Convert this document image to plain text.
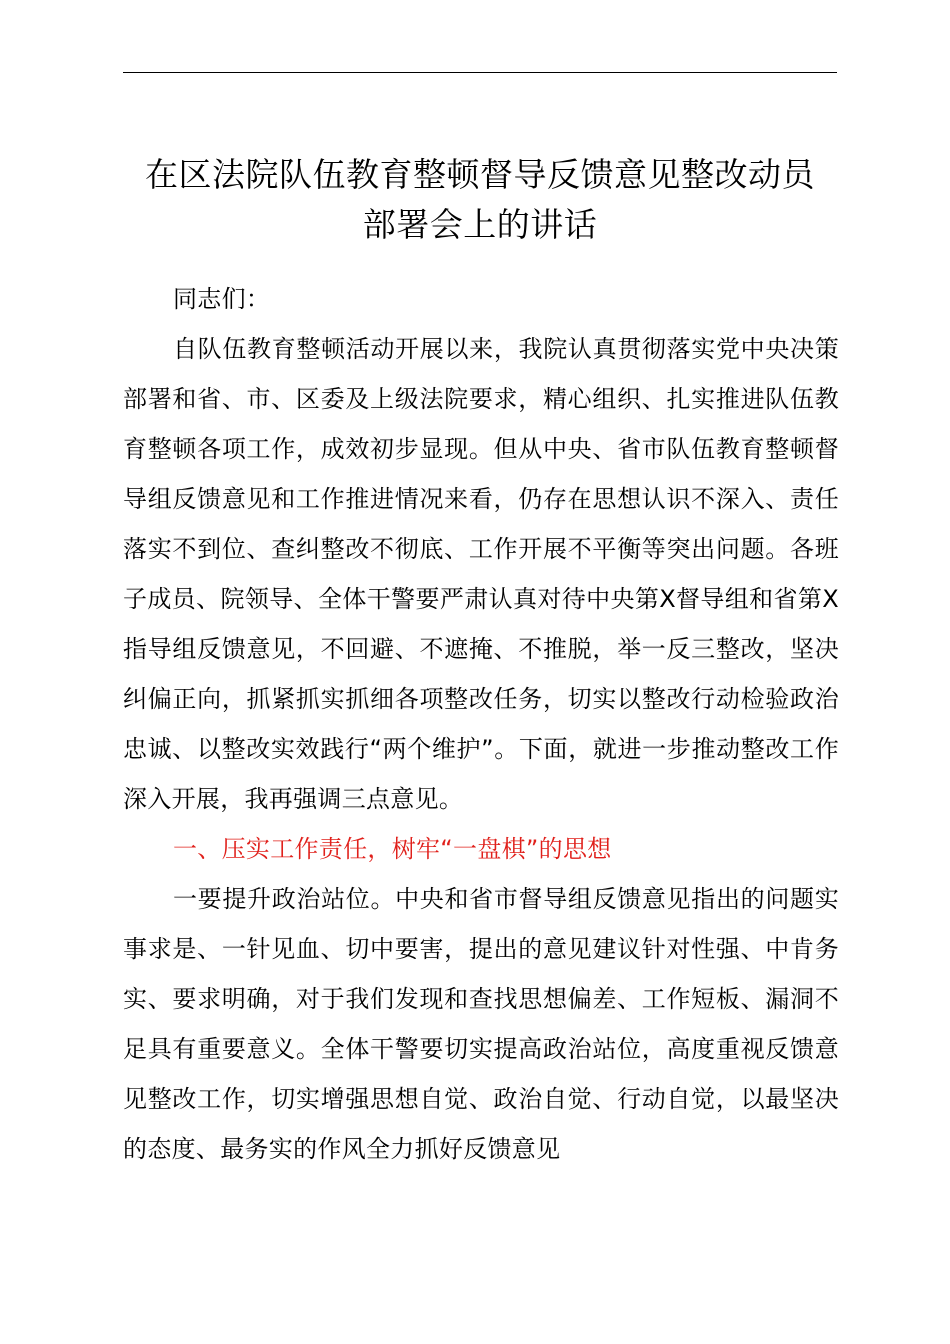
在区法院队伍教育整顿督导反馈意见整改动员
部署会上的讲话

同志们：

自队伍教育整顿活动开展以来，我院认真贯彻落实党中央决策部署和省、市、区委及上级法院要求，精心组织、扎实推进队伍教育整顿各项工作，成效初步显现。但从中央、省市队伍教育整顿督导组反馈意见和工作推进情况来看，仍存在思想认识不深入、责任落实不到位、查纠整改不彻底、工作开展不平衡等突出问题。各班子成员、院领导、全体干警要严肃认真对待中央第X督导组和省第X指导组反馈意见，不回避、不遮掩、不推脱，举一反三整改，坚决纠偏正向，抓紧抓实抓细各项整改任务，切实以整改行动检验政治忠诚、以整改实效践行“两个维护”。下面，就进一步推动整改工作深入开展，我再强调三点意见。

一、压实工作责任，树牢“一盘棋”的思想

一要提升政治站位。中央和省市督导组反馈意见指出的问题实事求是、一针见血、切中要害，提出的意见建议针对性强、中肯务实、要求明确，对于我们发现和查找思想偏差、工作短板、漏洞不足具有重要意义。全体干警要切实提高政治站位，高度重视反馈意见整改工作，切实增强思想自觉、政治自觉、行动自觉，以最坚决的态度、最务实的作风全力抓好反馈意见
